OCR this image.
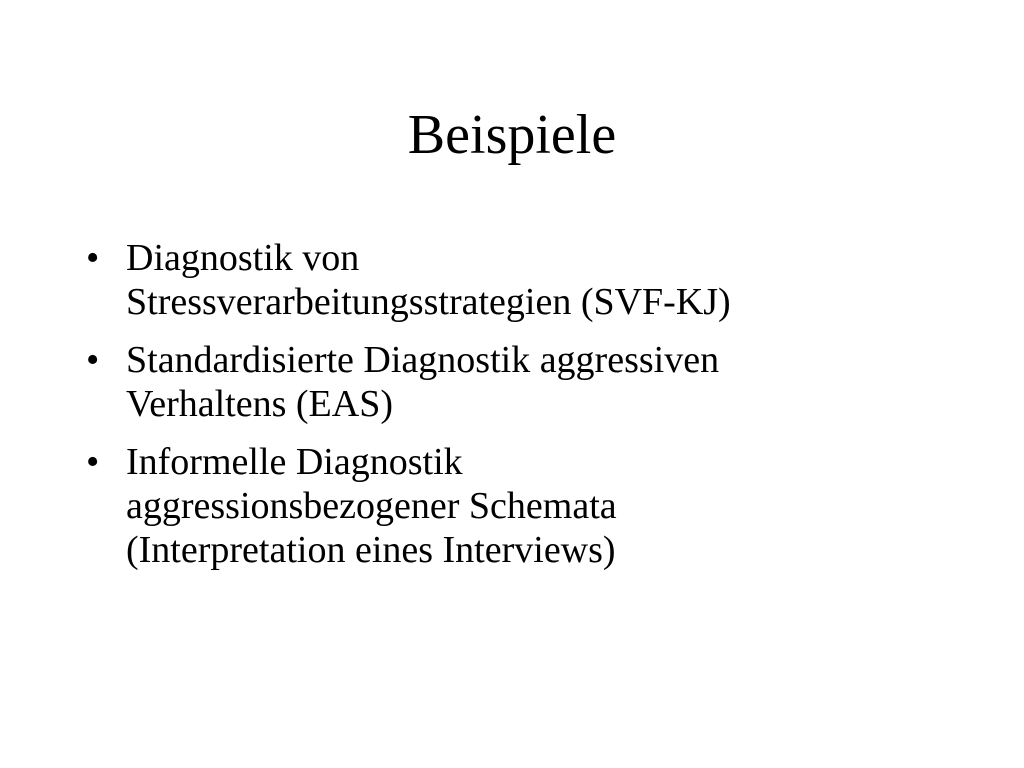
Beispiele
• Diagnostik von
Stressverarbeitungsstrategien (SVF-KJ)
• Standardisierte Diagnostik aggressiven
Verhaltens (EAS)
• Informelle Diagnostik
aggressionsbezogener Schemata
(Interpretation eines Interviews)
